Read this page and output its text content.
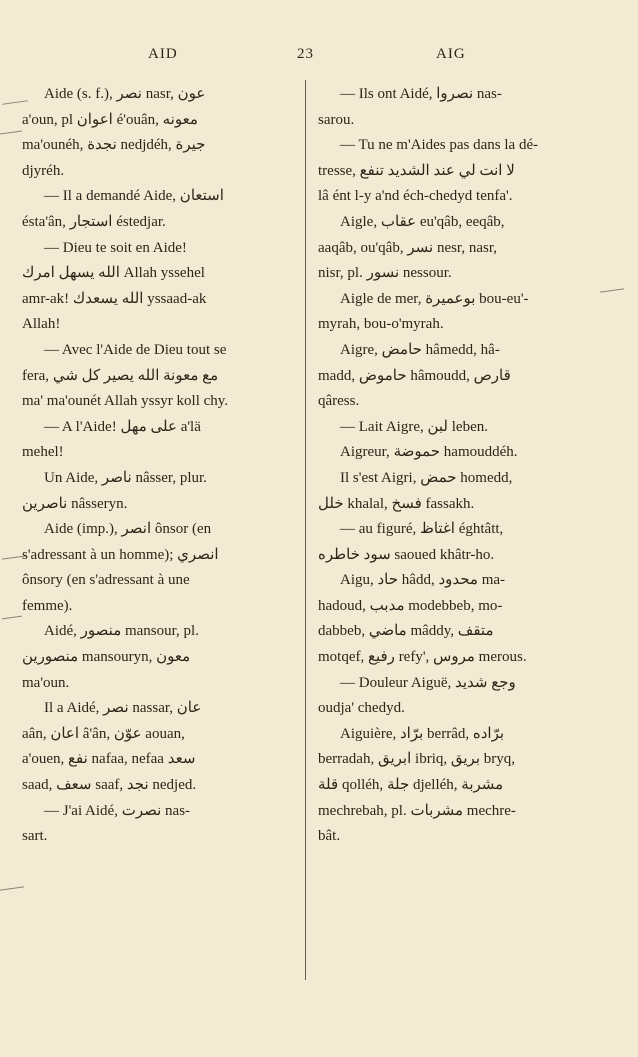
AID	23	AIG

Aide (s. f.), نصر nasr, عون

a'oun, pl اعوان é'ouân, معونه

ma'ounéh, نجدة nedjdéh, جيرة

djyréh.

— Il a demandé Aide, استعان

ésta'ân, استجار éstedjar.

— Dieu te soit en Aide!

الله يسهل امرك Allah yssehel

amr-ak! الله يسعدك yssaad-ak

Allah!

— Avec l'Aide de Dieu tout se

fera, مع معونة الله يصير كل شي

ma' ma'ounét Allah yssyr koll chy.

— A l'Aide! على مهل a'lä

mehel!

Un Aide, ناصر nâsser, plur.

ناصرين nâsseryn.

Aide (imp.), انصر ônsor (en

s'adressant à un homme); انصري

ônsory (en s'adressant à une

femme).

Aidé, منصور mansour, pl.

منصورين mansouryn, معون

ma'oun.

Il a Aidé, نصر nassar, عان

aân, اعان â'ân, عوّن aouan,

a'ouen, نفع nafaa, nefaa سعد

saad, سعف saaf, نجد nedjed.

— J'ai Aidé, نصرت nas-

sart.

— Ils ont Aidé, نصروا nas-

sarou.

— Tu ne m'Aides pas dans la dé-

tresse, لا انت لي عند الشديد تنفع

lâ ént l-y a'nd éch-chedyd tenfa'.

Aigle, عقاب eu'qâb, eeqâb,

aaqâb, ou'qâb, نسر nesr, nasr,

nisr, pl. نسور nessour.

Aigle de mer, بوعميرة bou-eu'-

myrah, bou-o'myrah.

Aigre, حامض hâmedd, hâ-

madd, حاموض hâmoudd, قارص

qâress.

— Lait Aigre, لبن leben.

Aigreur, حموضة hamouddéh.

Il s'est Aigri, حمض homedd,

خلل khalal, فسخ fassakh.

— au figuré, اغتاظ éghtâtt,

سود خاطره saoued khâtr-ho.

Aigu, حاد hâdd, محدود ma-

hadoud, مدبب modebbeb, mo-

dabbeb, ماضي mâddy, متقف

motqef, رفيع refy', مروس merous.

— Douleur Aiguë, وجع شديد

oudja' chedyd.

Aiguière, برّاد berrâd, برّاده

berradah, ابريق ibriq, بريق bryq,

قلة qolléh, جلة djelléh, مشربة

mechrebah, pl. مشربات mechre-

bât.
